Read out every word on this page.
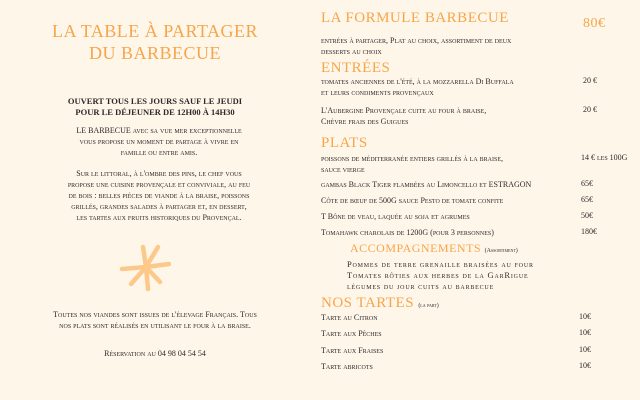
LA TABLE À PARTAGER
DU BARBECUE
OUVERT TOUS LES JOURS SAUF LE JEUDI
POUR LE DÉJEUNER DE 12H00 À 14H30
LE BARBECUE avec sa vue mer exceptionnelle vous propose un moment de partage à vivre en famille ou entre amis.
Sur le littoral, à l'ombre des pins, le chef vous propose une cuisine provençale et conviviale, au feu de bois : belles pièces de viande à la braise, poissons grillés, grandes salades à partager et, en dessert, les tartes aux fruits historiques du Provençal.
Toutes nos viandes sont issues de l'élevage Français. Tous nos plats sont réalisés en utilisant le four à la braise.
Réservation au 04 98 04 54 54
LA FORMULE BARBECUE	80€
entrées à partager, Plat au choix, assortiment de deux
desserts au choix
ENTRÉES
tomates anciennes de l'été, à la mozzarella Di Buffala
et leurs condiments provençaux
20 €
L'Aubergine Provençale cuite au four à braise,
Chèvre frais des Guigues
20 €
PLATS
poissons de méditerranée entiers grillés à la braise,
sauce vierge
14 € les 100G
gambas Black Tiger flambées au Limoncello et ESTRAGON	65€
Côte de bœuf de 500G sauce Pesto de tomate confite	65€
T Bône de veau, laquée au soja et agrumes	50€
Tomahawk charolais de 1200G (pour 3 personnes)	180€
ACCOMPAGNEMENTS (Assortiment)
Pommes de terre grenaille braisées au four
Tomates rôties aux herbes de la GarRigue
légumes du jour cuits au barbecue
NOS TARTES (la part)
Tarte au Citron	10€
Tarte aux Pêches	10€
Tarte aux Fraises	10€
Tarte abricots	10€
